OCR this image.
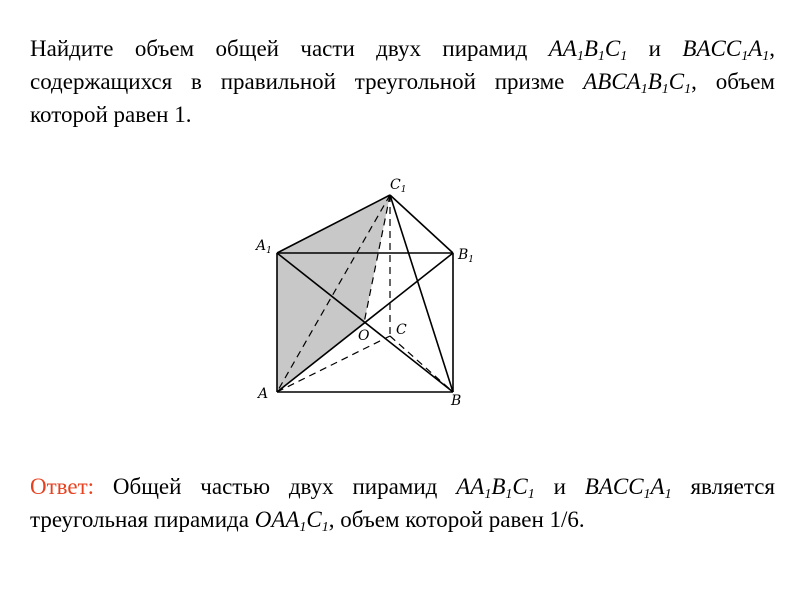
Найдите объем общей части двух пирамид $AA_1B_1C_1$ и $BACC_1A_1$, содержащихся в правильной треугольной призме $ABCA_1B_1C_1$, объем которой равен 1.
$C_1$
$A_1$	$B_1$
A	B
C
O
Ответ: Общей частью двух пирамид $AA_1B_1C_1$ и $BACC_1A_1$ является треугольная пирамида $OAA_1C_1$, объем которой равен 1/6.
